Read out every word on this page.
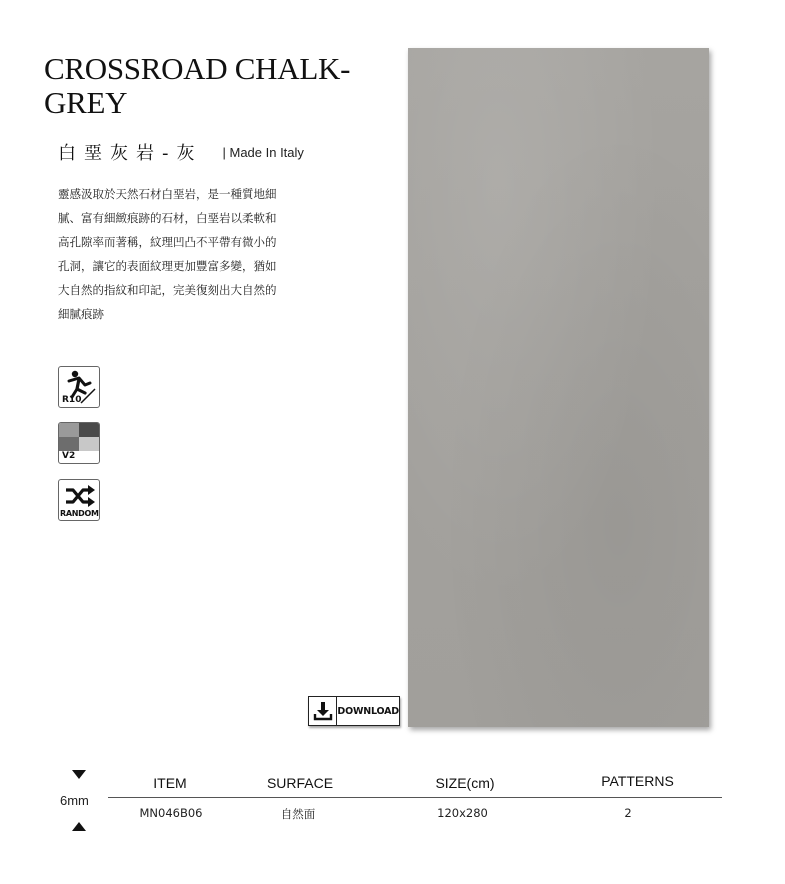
CROSSROAD CHALK-
GREY
白堊灰岩-灰 | Made In Italy
靈感汲取於天然石材白堊岩，是一種質地細
膩、富有細緻痕跡的石材，白堊岩以柔軟和
高孔隙率而著稱，紋理凹凸不平帶有微小的
孔洞，讓它的表面紋理更加豐富多變，猶如
大自然的指紋和印記，完美復刻出大自然的
細膩痕跡
R10
V2
RANDOM
DOWNLOAD
6mm
ITEM	SURFACE	SIZE(cm)	PATTERNS
MN046B06	自然面	120x280	2
